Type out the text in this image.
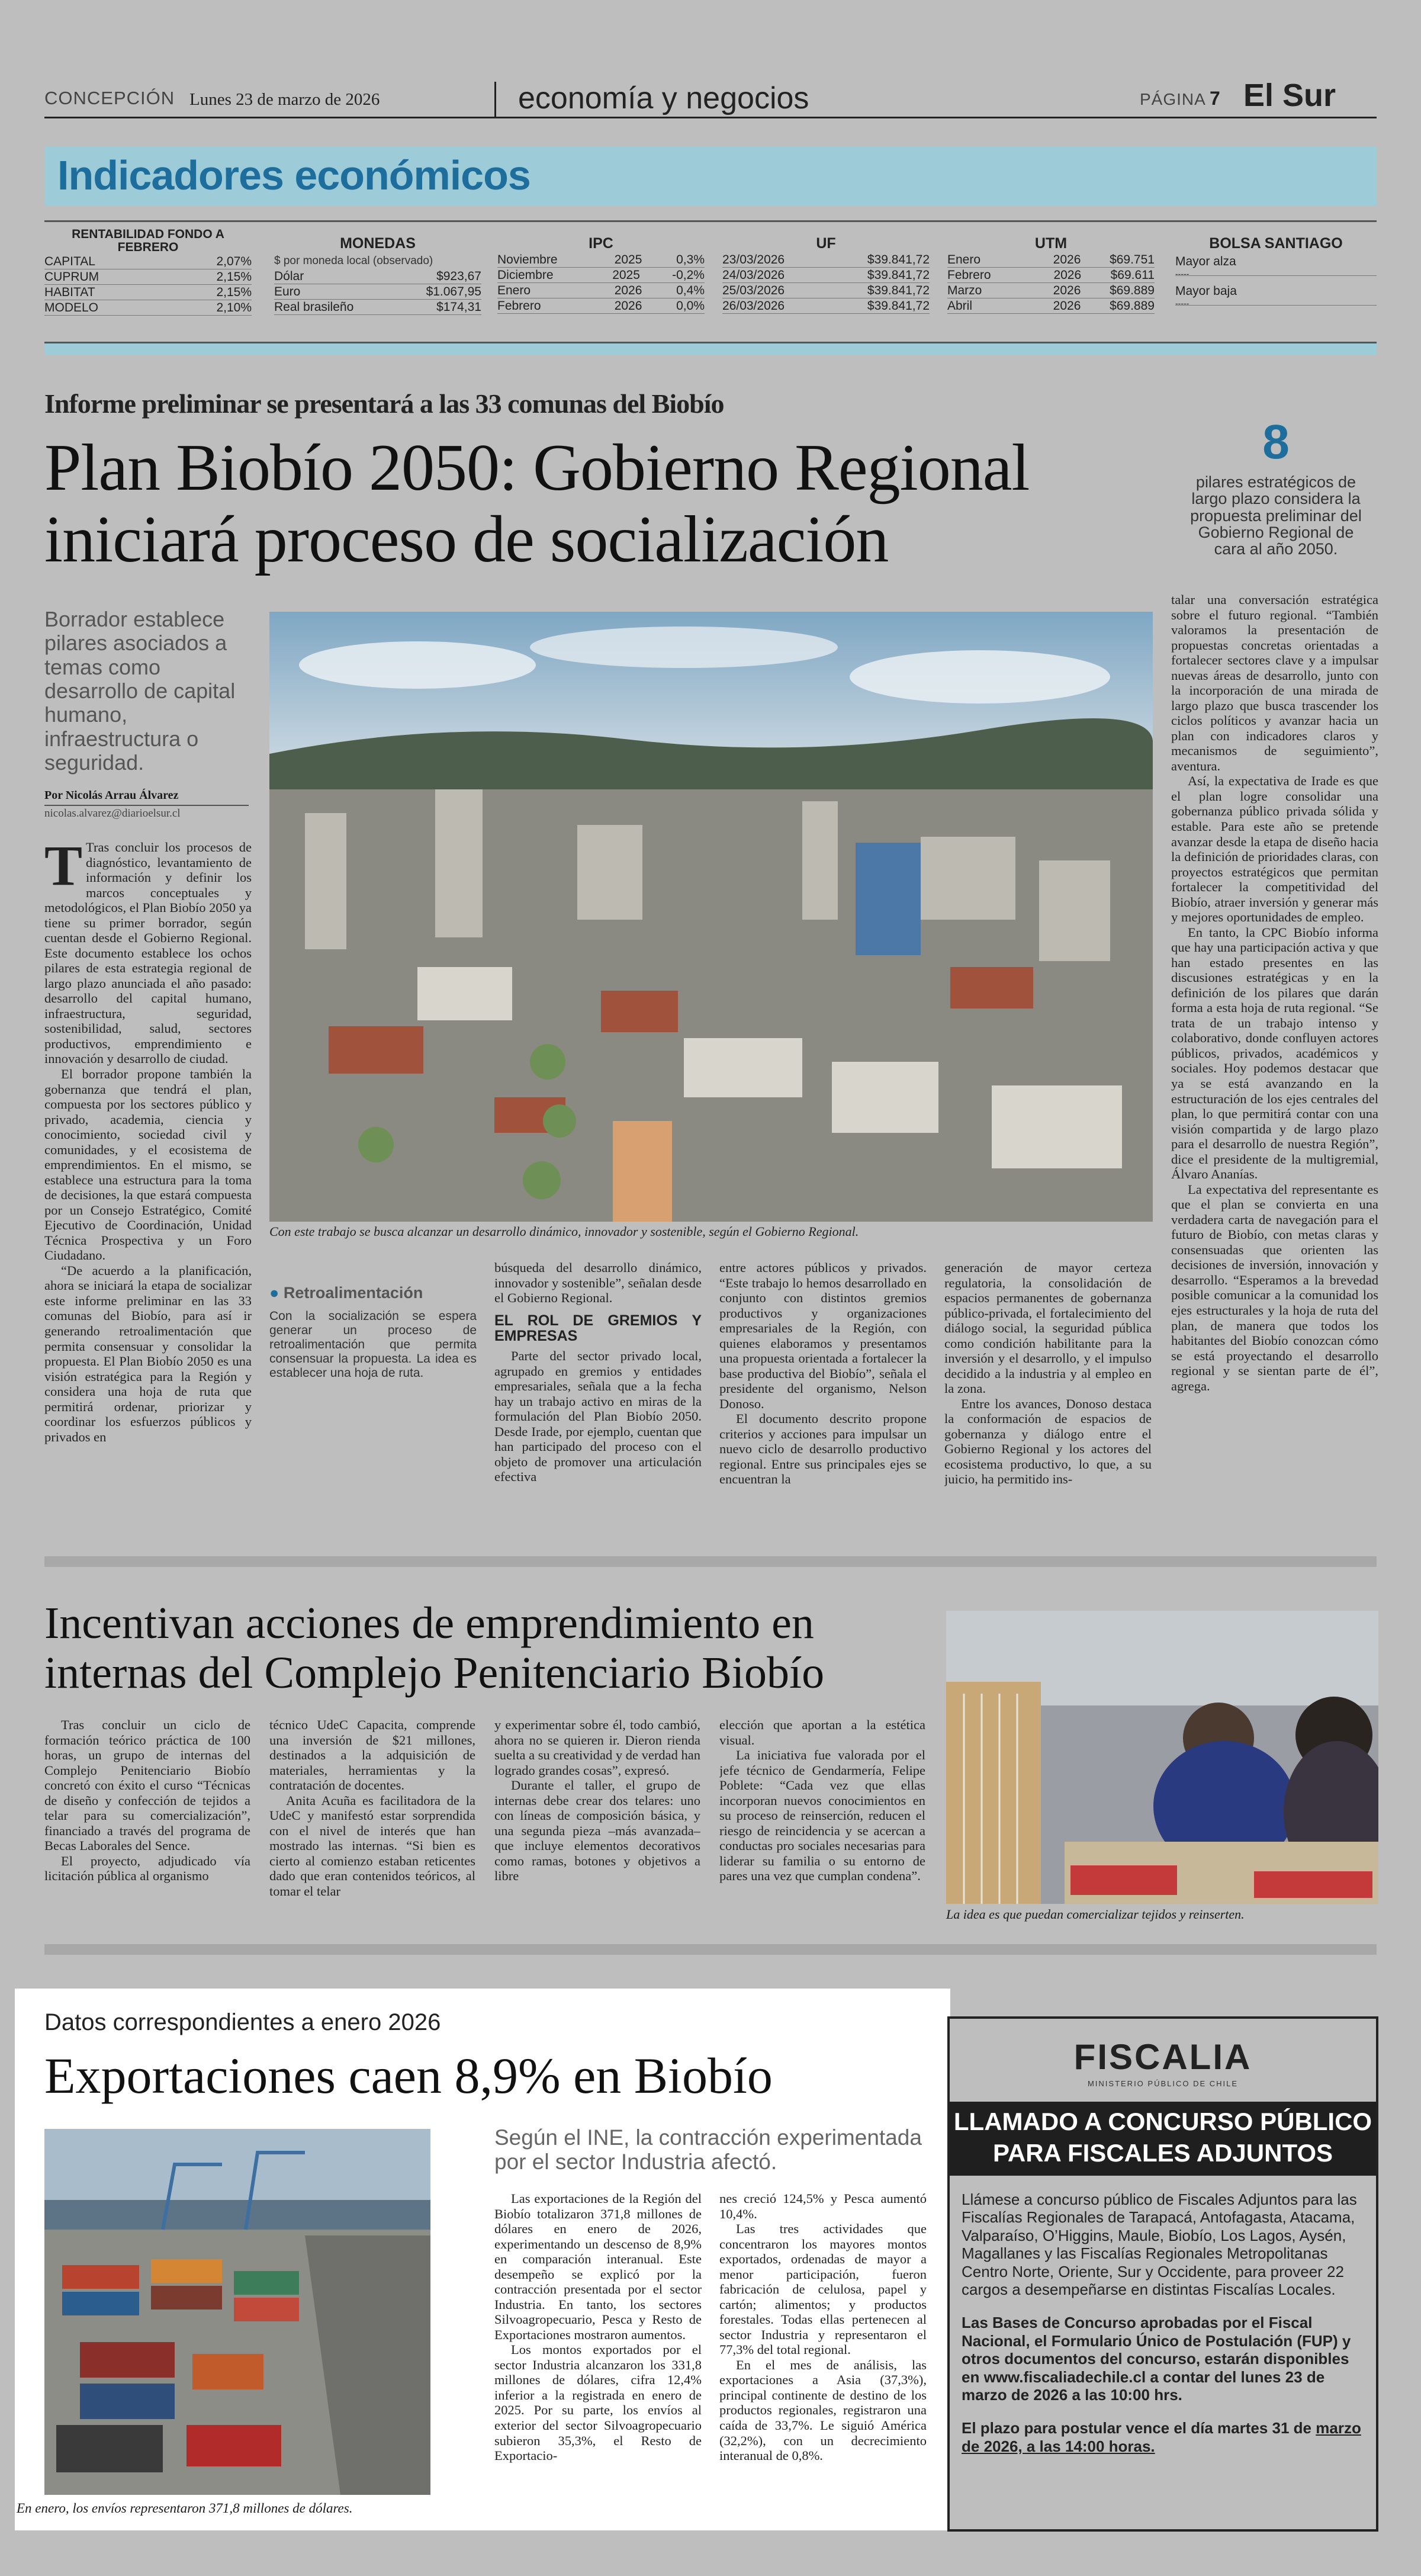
CONCEPCIÓN Lunes 23 de marzo de 2026	economía y negocios	PÁGINA 7 El Sur
Indicadores económicos
RENTABILIDAD FONDO A FEBRERO
CAPITAL	2,07%
CUPRUM	2,15%
HABITAT	2,15%
MODELO	2,10%
MONEDAS
$ por moneda local (observado)
Dólar	$923,67
Euro	$1.067,95
Real brasileño	$174,31
IPC
Noviembre	2025	0,3%
Diciembre	2025	-0,2%
Enero	2026	0,4%
Febrero	2026	0,0%
UF
23/03/2026	$39.841,72
24/03/2026	$39.841,72
25/03/2026	$39.841,72
26/03/2026	$39.841,72
UTM
Enero	2026 $69.751
Febrero	2026 $69.611
Marzo	2026 $69.889
Abril	2026 $69.889
BOLSA SANTIAGO
Mayor alza
-----
Mayor baja
-----
Informe preliminar se presentará a las 33 comunas del Biobío
Plan Biobío 2050: Gobierno Regional iniciará proceso de socialización
8
pilares estratégicos de largo plazo considera la propuesta preliminar del Gobierno Regional de cara al año 2050.
Borrador establece pilares asociados a temas como desarrollo de capital humano, infraestructura o seguridad.
Por Nicolás Arrau Álvarez
nicolas.alvarez@diarioelsur.cl
Con este trabajo se busca alcanzar un desarrollo dinámico, innovador y sostenible, según el Gobierno Regional.

T Tras concluir los procesos de diagnóstico, levantamiento de información y definir los marcos conceptuales y metodológicos, el Plan Biobío 2050 ya tiene su primer borrador, según cuentan desde el Gobierno Regional. Este documento establece los ochos pilares de esta estrategia regional de largo plazo anunciada el año pasado: desarrollo del capital humano, infraestructura, seguridad, sostenibilidad, salud, sectores productivos, emprendimiento e innovación y desarrollo de ciudad.

El borrador propone también la gobernanza que tendrá el plan, compuesta por los sectores público y privado, academia, ciencia y conocimiento, sociedad civil y comunidades, y el ecosistema de emprendimientos. En el mismo, se establece una estructura para la toma de decisiones, la que estará compuesta por un Consejo Estratégico, Comité Ejecutivo de Coordinación, Unidad Técnica Prospectiva y un Foro Ciudadano.

“De acuerdo a la planificación, ahora se iniciará la etapa de socializar este informe preliminar en las 33 comunas del Biobío, para así ir generando retroalimentación que permita consensuar y consolidar la propuesta. El Plan Biobío 2050 es una visión estratégica para la Región y considera una hoja de ruta que permitirá ordenar, priorizar y coordinar los esfuerzos públicos y privados en

● Retroalimentación
Con la socialización se espera generar un proceso de retroalimentación que permita consensuar la propuesta. La idea es establecer una hoja de ruta.

búsqueda del desarrollo dinámico, innovador y sostenible”, señalan desde el Gobierno Regional.

EL ROL DE GREMIOS Y EMPRESAS

Parte del sector privado local, agrupado en gremios y entidades empresariales, señala que a la fecha hay un trabajo activo en miras de la formulación del Plan Biobío 2050. Desde Irade, por ejemplo, cuentan que han participado del proceso con el objeto de promover una articulación efectiva

entre actores públicos y privados. “Este trabajo lo hemos desarrollado en conjunto con distintos gremios productivos y organizaciones empresariales de la Región, con quienes elaboramos y presentamos una propuesta orientada a fortalecer la base productiva del Biobío”, señala el presidente del organismo, Nelson Donoso.

El documento descrito propone criterios y acciones para impulsar un nuevo ciclo de desarrollo productivo regional. Entre sus principales ejes se encuentran la

generación de mayor certeza regulatoria, la consolidación de espacios permanentes de gobernanza público-privada, el fortalecimiento del diálogo social, la seguridad pública como condición habilitante para la inversión y el desarrollo, y el impulso decidido a la industria y al empleo en la zona.

Entre los avances, Donoso destaca la conformación de espacios de gobernanza y diálogo entre el Gobierno Regional y los actores del ecosistema productivo, lo que, a su juicio, ha permitido ins-

talar una conversación estratégica sobre el futuro regional. “También valoramos la presentación de propuestas concretas orientadas a fortalecer sectores clave y a impulsar nuevas áreas de desarrollo, junto con la incorporación de una mirada de largo plazo que busca trascender los ciclos políticos y avanzar hacia un plan con indicadores claros y mecanismos de seguimiento”, aventura.

Así, la expectativa de Irade es que el plan logre consolidar una gobernanza público privada sólida y estable. Para este año se pretende avanzar desde la etapa de diseño hacia la definición de prioridades claras, con proyectos estratégicos que permitan fortalecer la competitividad del Biobío, atraer inversión y generar más y mejores oportunidades de empleo.

En tanto, la CPC Biobío informa que hay una participación activa y que han estado presentes en las discusiones estratégicas y en la definición de los pilares que darán forma a esta hoja de ruta regional. “Se trata de un trabajo intenso y colaborativo, donde confluyen actores públicos, privados, académicos y sociales. Hoy podemos destacar que ya se está avanzando en la estructuración de los ejes centrales del plan, lo que permitirá contar con una visión compartida y de largo plazo para el desarrollo de nuestra Región”, dice el presidente de la multigremial, Álvaro Ananías.

La expectativa del representante es que el plan se convierta en una verdadera carta de navegación para el futuro de Biobío, con metas claras y consensuadas que orienten las decisiones de inversión, innovación y desarrollo. “Esperamos a la brevedad posible comunicar a la comunidad los ejes estructurales y la hoja de ruta del plan, de manera que todos los habitantes del Biobío conozcan cómo se está proyectando el desarrollo regional y se sientan parte de él”, agrega.

Incentivan acciones de emprendimiento en internas del Complejo Penitenciario Biobío
La idea es que puedan comercializar tejidos y reinserten.

Tras concluir un ciclo de formación teórico práctica de 100 horas, un grupo de internas del Complejo Penitenciario Biobío concretó con éxito el curso “Técnicas de diseño y confección de tejidos a telar para su comercialización”, financiado a través del programa de Becas Laborales del Sence.

El proyecto, adjudicado vía licitación pública al organismo

técnico UdeC Capacita, comprende una inversión de $21 millones, destinados a la adquisición de materiales, herramientas y la contratación de docentes.

Anita Acuña es facilitadora de la UdeC y manifestó estar sorprendida con el nivel de interés que han mostrado las internas. “Si bien es cierto al comienzo estaban reticentes dado que eran contenidos teóricos, al tomar el telar

y experimentar sobre él, todo cambió, ahora no se quieren ir. Dieron rienda suelta a su creatividad y de verdad han logrado grandes cosas”, expresó.

Durante el taller, el grupo de internas debe crear dos telares: uno con líneas de composición básica, y una segunda pieza –más avanzada– que incluye elementos decorativos como ramas, botones y objetivos a libre

elección que aportan a la estética visual.

La iniciativa fue valorada por el jefe técnico de Gendarmería, Felipe Poblete: “Cada vez que ellas incorporan nuevos conocimientos en su proceso de reinserción, reducen el riesgo de reincidencia y se acercan a conductas pro sociales necesarias para liderar su familia o su entorno de pares una vez que cumplan condena”.

Datos correspondientes a enero 2026
Exportaciones caen 8,9% en Biobío
En enero, los envíos representaron 371,8 millones de dólares.
Según el INE, la contracción experimentada por el sector Industria afectó.

Las exportaciones de la Región del Biobío totalizaron 371,8 millones de dólares en enero de 2026, experimentando un descenso de 8,9% en comparación interanual. Este desempeño se explicó por la contracción presentada por el sector Industria. En tanto, los sectores Silvoagropecuario, Pesca y Resto de Exportaciones mostraron aumentos.

Los montos exportados por el sector Industria alcanzaron los 331,8 millones de dólares, cifra 12,4% inferior a la registrada en enero de 2025. Por su parte, los envíos al exterior del sector Silvoagropecuario subieron 35,3%, el Resto de Exportacio-

nes creció 124,5% y Pesca aumentó 10,4%.

Las tres actividades que concentraron los mayores montos exportados, ordenadas de mayor a menor participación, fueron fabricación de celulosa, papel y cartón; alimentos; y productos forestales. Todas ellas pertenecen al sector Industria y representaron el 77,3% del total regional.

En el mes de análisis, las exportaciones a Asia (37,3%), principal continente de destino de los productos regionales, registraron una caída de 33,7%. Le siguió América (32,2%), con un decrecimiento interanual de 0,8%.

FISCALIA
MINISTERIO PÚBLICO DE CHILE
LLAMADO A CONCURSO PÚBLICO
PARA FISCALES ADJUNTOS

Llámese a concurso público de Fiscales Adjuntos para las Fiscalías Regionales de Tarapacá, Antofagasta, Atacama, Valparaíso, O’Higgins, Maule, Biobío, Los Lagos, Aysén, Magallanes y las Fiscalías Regionales Metropolitanas Centro Norte, Oriente, Sur y Occidente, para proveer 22 cargos a desempeñarse en distintas Fiscalías Locales.

Las Bases de Concurso aprobadas por el Fiscal Nacional, el Formulario Único de Postulación (FUP) y otros documentos del concurso, estarán disponibles en www.fiscaliadechile.cl a contar del lunes 23 de marzo de 2026 a las 10:00 hrs.

El plazo para postular vence el día martes 31 de marzo de 2026, a las 14:00 horas.
